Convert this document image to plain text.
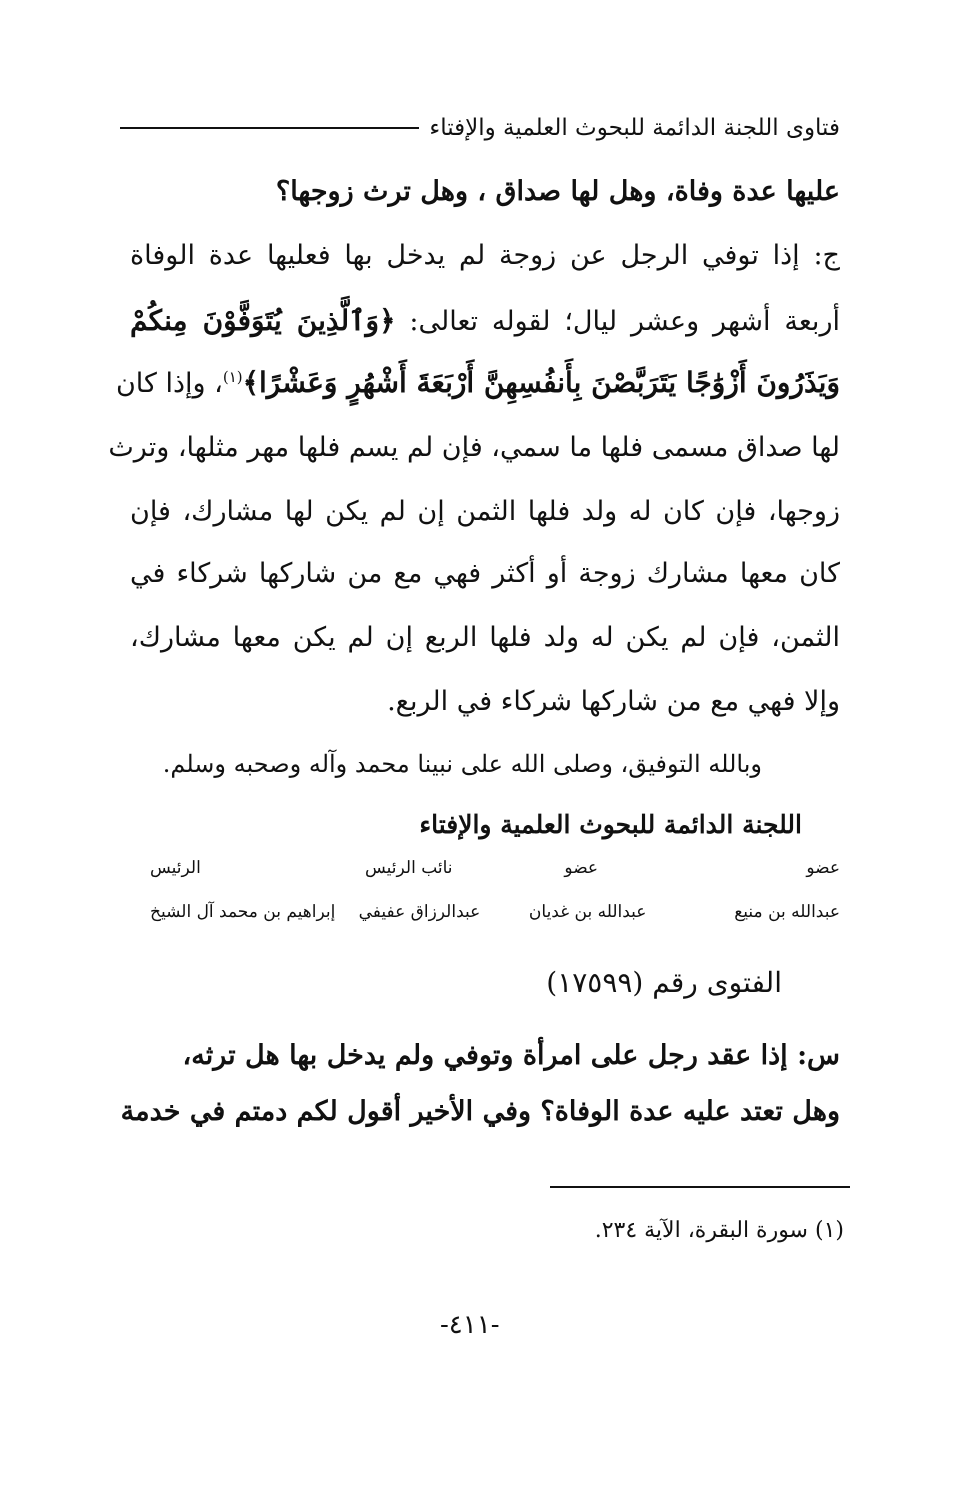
فتاوى اللجنة الدائمة للبحوث العلمية والإفتاء
عليها عدة وفاة، وهل لها صداق ، وهل ترث زوجها؟
ج: إذا توفي الرجل عن زوجة لم يدخل بها فعليها عدة الوفاة
أربعة أشهر وعشر ليال؛ لقوله تعالى: ﴿وَٱلَّذِينَ يُتَوَفَّوْنَ مِنكُمْ
وَيَذَرُونَ أَزْوَٰجًا يَتَرَبَّصْنَ بِأَنفُسِهِنَّ أَرْبَعَةَ أَشْهُرٍ وَعَشْرًا﴾$^{(١)}$، وإذا كان
لها صداق مسمى فلها ما سمي، فإن لم يسم فلها مهر مثلها، وترث
زوجها، فإن كان له ولد فلها الثمن إن لم يكن لها مشارك، فإن
كان معها مشارك زوجة أو أكثر فهي مع من شاركها شركاء في
الثمن، فإن لم يكن له ولد فلها الربع إن لم يكن معها مشارك،
وإلا فهي مع من شاركها شركاء في الربع.
وبالله التوفيق، وصلى الله على نبينا محمد وآله وصحبه وسلم.
اللجنة الدائمة للبحوث العلمية والإفتاء
عضو
عضو
نائب الرئيس
الرئيس
عبدالله بن منيع
عبدالله بن غديان
عبدالرزاق عفيفي
إبراهيم بن محمد آل الشيخ
الفتوى رقم (١٧٥٩٩)
س: إذا عقد رجل على امرأة وتوفي ولم يدخل بها هل ترثه،
وهل تعتد عليه عدة الوفاة؟ وفي الأخير أقول لكم دمتم في خدمة
(١) سورة البقرة، الآية ٢٣٤.
-٤١١-
